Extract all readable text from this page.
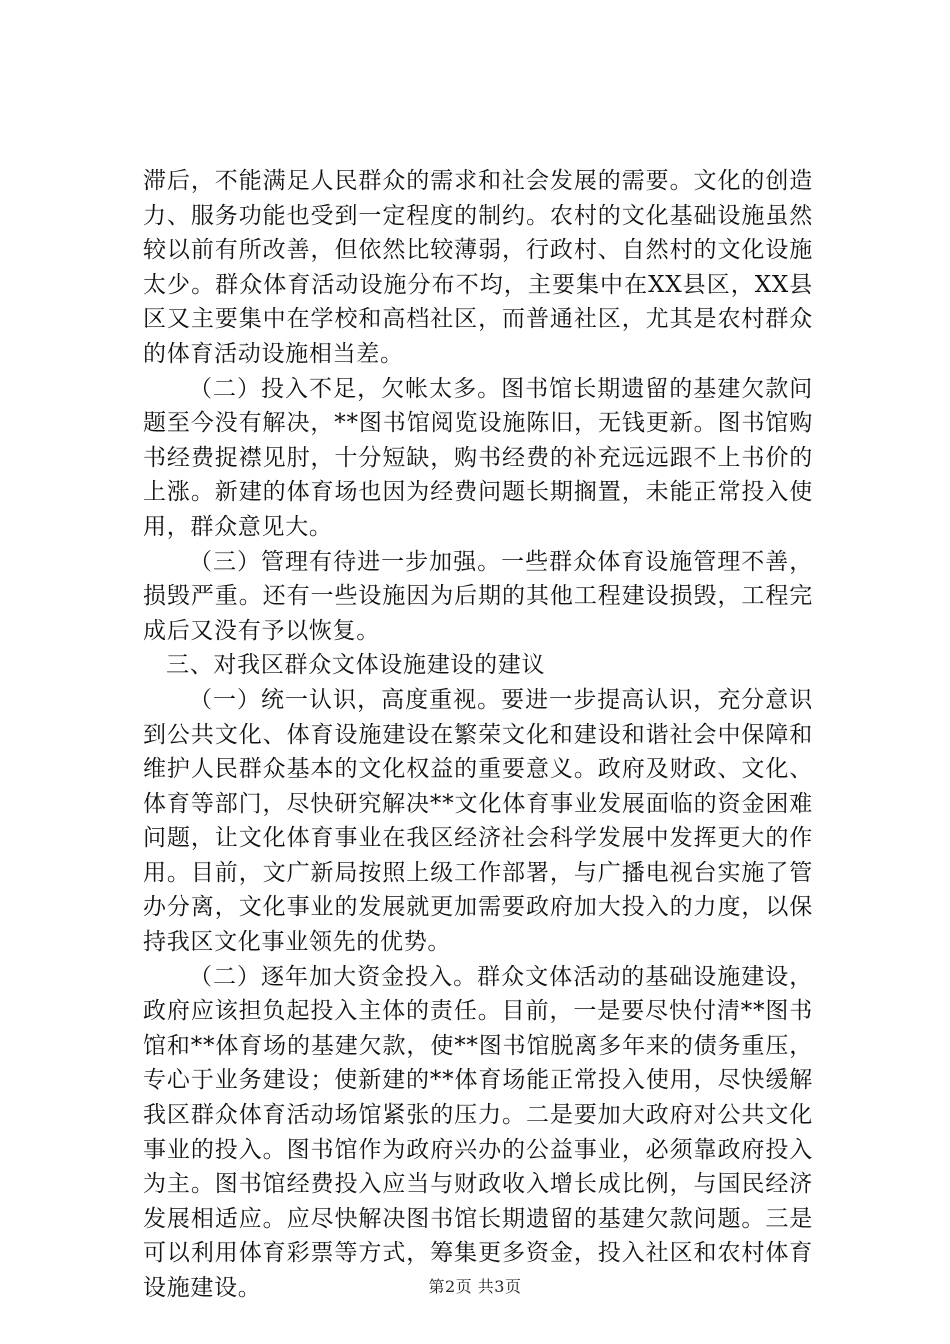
滞后，不能满足人民群众的需求和社会发展的需要。文化的创造力、服务功能也受到一定程度的制约。农村的文化基础设施虽然较以前有所改善，但依然比较薄弱，行政村、自然村的文化设施太少。群众体育活动设施分布不均，主要集中在XX县区，XX县区又主要集中在学校和高档社区，而普通社区，尤其是农村群众的体育活动设施相当差。

（二）投入不足，欠帐太多。图书馆长期遗留的基建欠款问题至今没有解决，**图书馆阅览设施陈旧，无钱更新。图书馆购书经费捉襟见肘，十分短缺，购书经费的补充远远跟不上书价的上涨。新建的体育场也因为经费问题长期搁置，未能正常投入使用，群众意见大。

（三）管理有待进一步加强。一些群众体育设施管理不善，损毁严重。还有一些设施因为后期的其他工程建设损毁，工程完成后又没有予以恢复。

三、对我区群众文体设施建设的建议

（一）统一认识，高度重视。要进一步提高认识，充分意识到公共文化、体育设施建设在繁荣文化和建设和谐社会中保障和维护人民群众基本的文化权益的重要意义。政府及财政、文化、体育等部门，尽快研究解决**文化体育事业发展面临的资金困难问题，让文化体育事业在我区经济社会科学发展中发挥更大的作用。目前，文广新局按照上级工作部署，与广播电视台实施了管办分离，文化事业的发展就更加需要政府加大投入的力度，以保持我区文化事业领先的优势。

（二）逐年加大资金投入。群众文体活动的基础设施建设，政府应该担负起投入主体的责任。目前，一是要尽快付清**图书馆和**体育场的基建欠款，使**图书馆脱离多年来的债务重压，专心于业务建设；使新建的**体育场能正常投入使用，尽快缓解我区群众体育活动场馆紧张的压力。二是要加大政府对公共文化事业的投入。图书馆作为政府兴办的公益事业，必须靠政府投入为主。图书馆经费投入应当与财政收入增长成比例，与国民经济发展相适应。应尽快解决图书馆长期遗留的基建欠款问题。三是可以利用体育彩票等方式，筹集更多资金，投入社区和农村体育设施建设。	第2页 共3页
